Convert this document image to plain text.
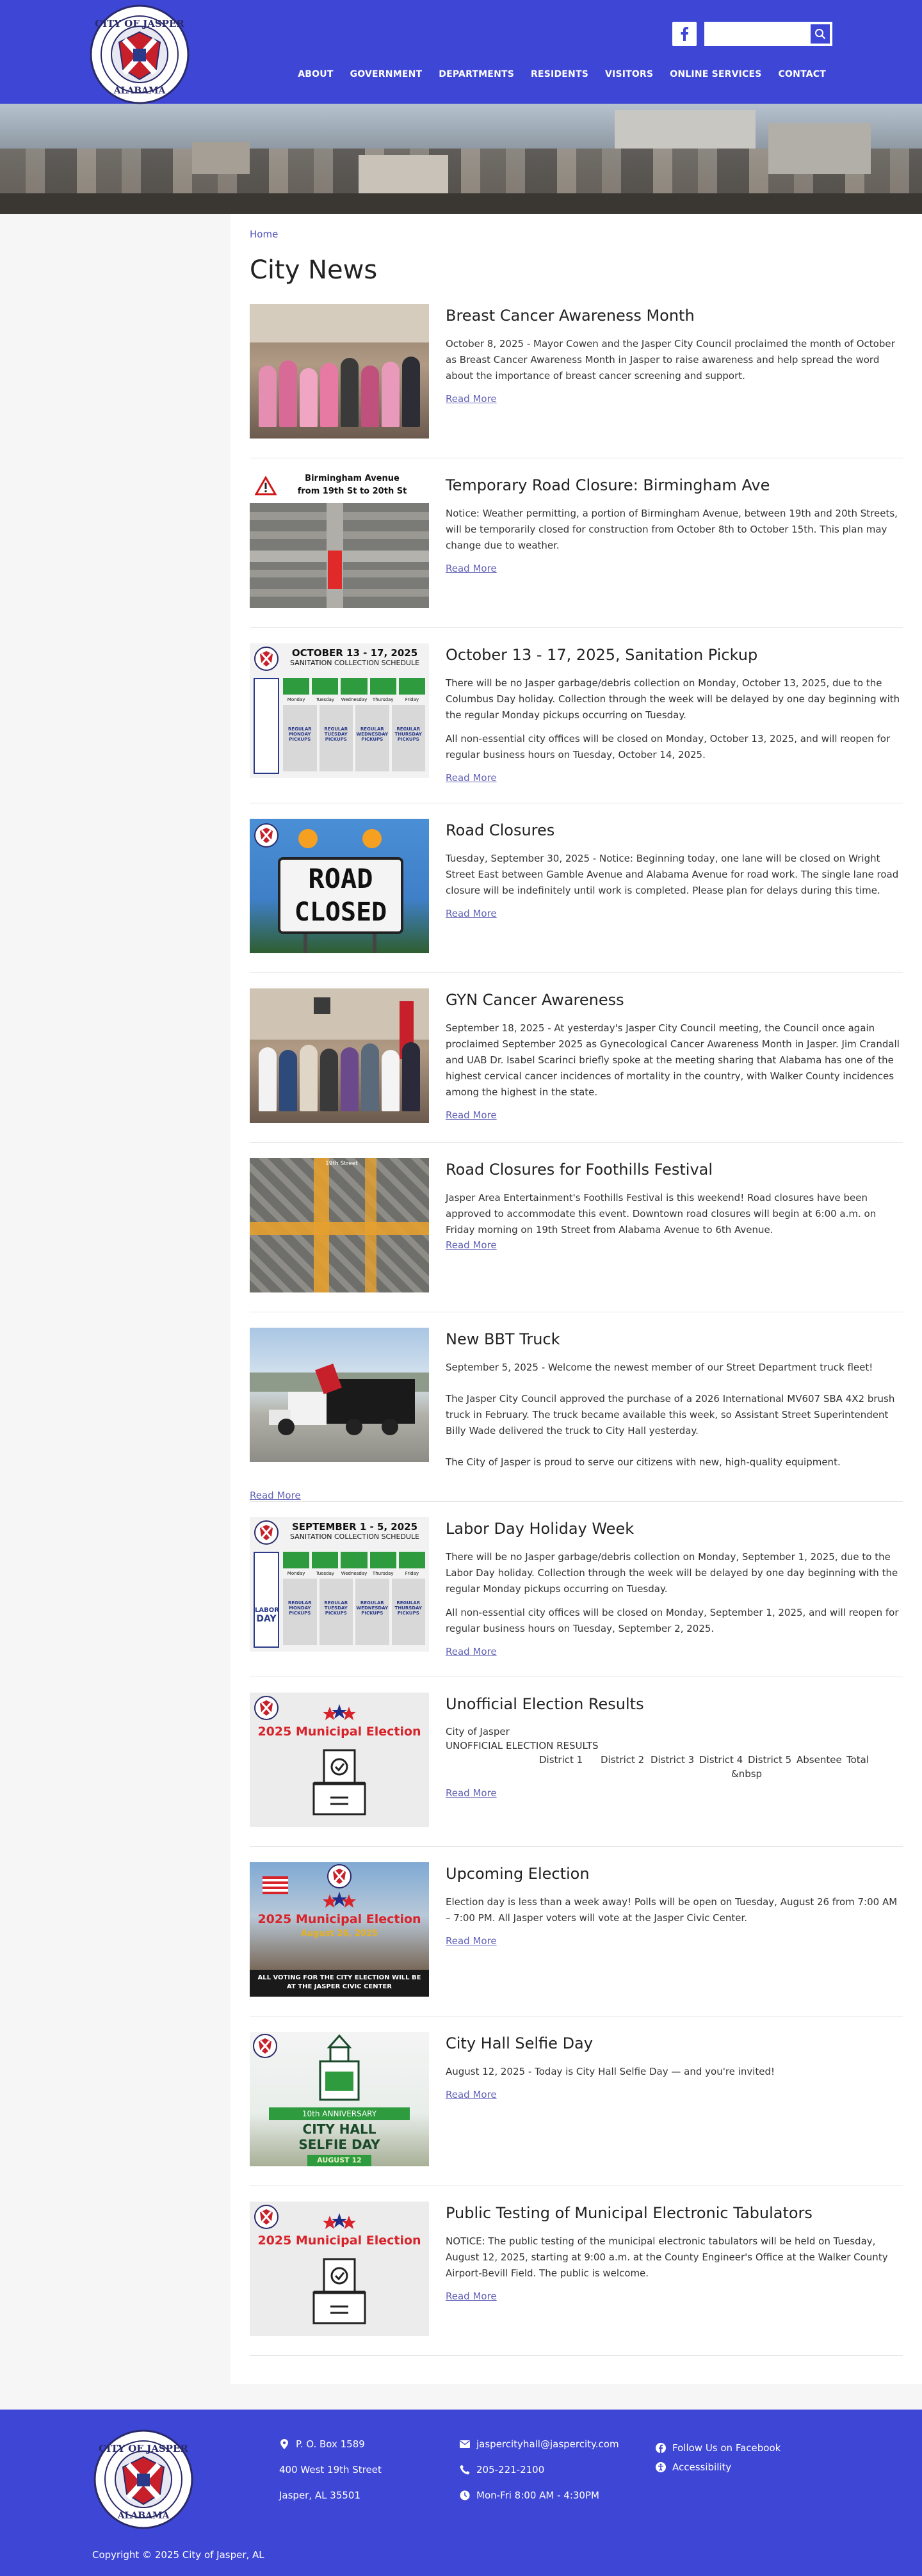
CITY OF JASPER
ALABAMA
ABOUT GOVERNMENT DEPARTMENTS RESIDENTS VISITORS ONLINE SERVICES CONTACT
Home
City News
Breast Cancer Awareness Month

October 8, 2025 - Mayor Cowen and the Jasper City Council proclaimed the month of October as Breast Cancer Awareness Month in Jasper to raise awareness and help spread the word about the importance of breast cancer screening and support.

Read More
Birmingham Avenue
from 19th St to 20th St	Temporary Road Closure: Birmingham Ave

Notice: Weather permitting, a portion of Birmingham Avenue, between 19th and 20th Streets, will be temporarily closed for construction from October 8th to October 15th. This plan may change due to weather.

Read More
OCTOBER 13 - 17, 2025
SANITATION COLLECTION SCHEDULE
Monday	Tuesday	Wednesday	Thursday	Friday
REGULAR MONDAY PICKUPS
REGULAR TUESDAY PICKUPS
REGULAR WEDNESDAY PICKUPS
REGULAR THURSDAY PICKUPS
October 13 - 17, 2025, Sanitation Pickup

There will be no Jasper garbage/debris collection on Monday, October 13, 2025, due to the Columbus Day holiday. Collection through the week will be delayed by one day beginning with the regular Monday pickups occurring on Tuesday.

All non-essential city offices will be closed on Monday, October 13, 2025, and will reopen for regular business hours on Tuesday, October 14, 2025.

Read More
ROAD
CLOSED
Road Closures

Tuesday, September 30, 2025 - Notice: Beginning today, one lane will be closed on Wright Street East between Gamble Avenue and Alabama Avenue for road work. The single lane road closure will be indefinitely until work is completed. Please plan for delays during this time.

Read More
GYN Cancer Awareness

September 18, 2025 - At yesterday's Jasper City Council meeting, the Council once again proclaimed September 2025 as Gynecological Cancer Awareness Month in Jasper. Jim Crandall and UAB Dr. Isabel Scarinci briefly spoke at the meeting sharing that Alabama has one of the highest cervical cancer incidences of mortality in the country, with Walker County incidences among the highest in the state.

Read More
19th Street	Road Closures for Foothills Festival

Jasper Area Entertainment's Foothills Festival is this weekend! Road closures have been approved to accommodate this event. Downtown road closures will begin at 6:00 a.m. on Friday morning on 19th Street from Alabama Avenue to 6th Avenue.

Read More
New BBT Truck

September 5, 2025 - Welcome the newest member of our Street Department truck fleet!

The Jasper City Council approved the purchase of a 2026 International MV607 SBA 4X2 brush truck in February. The truck became available this week, so Assistant Street Superintendent Billy Wade delivered the truck to City Hall yesterday.

The City of Jasper is proud to serve our citizens with new, high-quality equipment.

Read More
SEPTEMBER 1 - 5, 2025
SANITATION COLLECTION SCHEDULE
LABOR
DAY
Monday	Tuesday	Wednesday	Thursday	Friday
REGULAR MONDAY PICKUPS
REGULAR TUESDAY PICKUPS
REGULAR WEDNESDAY PICKUPS
REGULAR THURSDAY PICKUPS
Labor Day Holiday Week

There will be no Jasper garbage/debris collection on Monday, September 1, 2025, due to the Labor Day holiday. Collection through the week will be delayed by one day beginning with the regular Monday pickups occurring on Tuesday.

All non-essential city offices will be closed on Monday, September 1, 2025, and will reopen for regular business hours on Tuesday, September 2, 2025.

Read More
2025 Municipal Election
Unofficial Election Results
City of Jasper
UNOFFICIAL ELECTION RESULTS
District 1	District 2 District 3 District 4 District 5 Absentee Total
&nbsp
Read More
2025 Municipal Election
August 26, 2025
ALL VOTING FOR THE CITY ELECTION WILL BE AT THE JASPER CIVIC CENTER
Upcoming Election

Election day is less than a week away! Polls will be open on Tuesday, August 26 from 7:00 AM – 7:00 PM. All Jasper voters will vote at the Jasper Civic Center.

Read More
10th ANNIVERSARY
CITY HALL
SELFIE DAY
AUGUST 12
City Hall Selfie Day

August 12, 2025 - Today is City Hall Selfie Day — and you're invited!

Read More
2025 Municipal Election
Public Testing of Municipal Electronic Tabulators

NOTICE: The public testing of the municipal electronic tabulators will be held on Tuesday, August 12, 2025, starting at 9:00 a.m. at the County Engineer's Office at the Walker County Airport-Bevill Field. The public is welcome.

Read More
CITY OF JASPER
ALABAMA
P. O. Box 1589
400 West 19th Street
Jasper, AL 35501
jaspercityhall@jaspercity.com
205-221-2100
Mon-Fri 8:00 AM - 4:30PM
Follow Us on Facebook
Accessibility
Copyright © 2025 City of Jasper, AL
